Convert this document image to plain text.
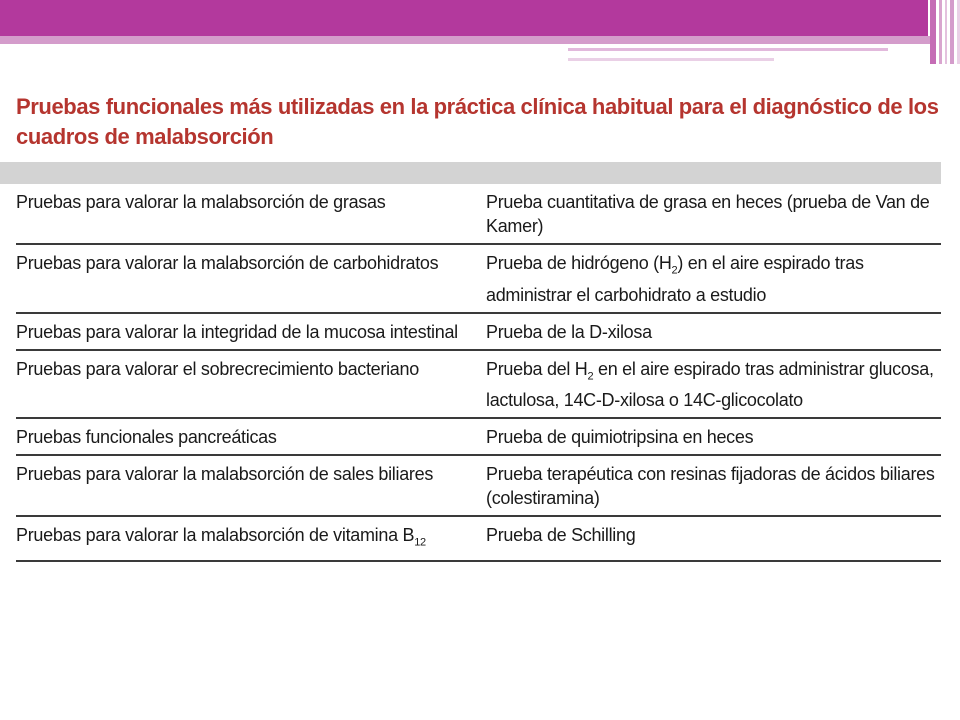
Pruebas funcionales más utilizadas en la práctica clínica habitual para el diagnóstico de los cuadros de malabsorción
Pruebas para valorar la malabsorción de grasas	Prueba cuantitativa de grasa en heces (prueba de Van de Kamer)
Pruebas para valorar la malabsorción de carbohidratos	Prueba de hidrógeno $(H_2)$ en el aire espirado tras administrar el carbohidrato a estudio
Pruebas para valorar la integridad de la mucosa intestinal	Prueba de la D-xilosa
Pruebas para valorar el sobrecrecimiento bacteriano	Prueba del $H_2$ en el aire espirado tras administrar glucosa, lactulosa, 14C-D-xilosa o 14C-glicocolato
Pruebas funcionales pancreáticas	Prueba de quimiotripsina en heces
Pruebas para valorar la malabsorción de sales biliares	Prueba terapéutica con resinas fijadoras de ácidos biliares (colestiramina)
Pruebas para valorar la malabsorción de vitamina $B_{12}$	Prueba de Schilling
